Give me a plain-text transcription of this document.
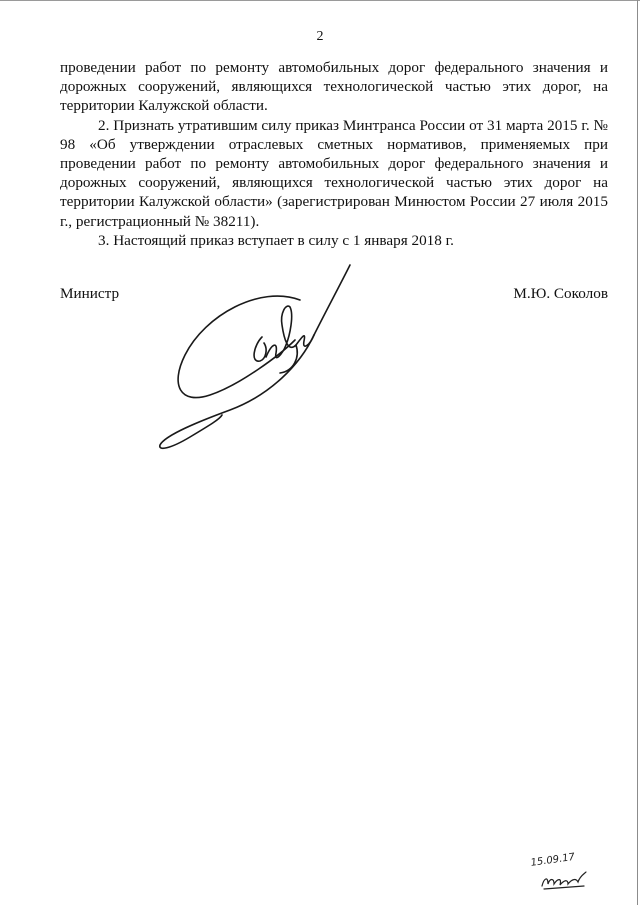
2

проведении работ по ремонту автомобильных дорог федерального значения и дорожных сооружений, являющихся технологической частью этих дорог, на территории Калужской области.

2. Признать утратившим силу приказ Минтранса России от 31 марта 2015 г. № 98 «Об утверждении отраслевых сметных нормативов, применяемых при проведении работ по ремонту автомобильных дорог федерального значения и дорожных сооружений, являющихся технологической частью этих дорог на территории Калужской области» (зарегистрирован Минюстом России 27 июля 2015 г., регистрационный № 38211).

3. Настоящий приказ вступает в силу с 1 января 2018 г.

Министр	М.Ю. Соколов
15.09.17
